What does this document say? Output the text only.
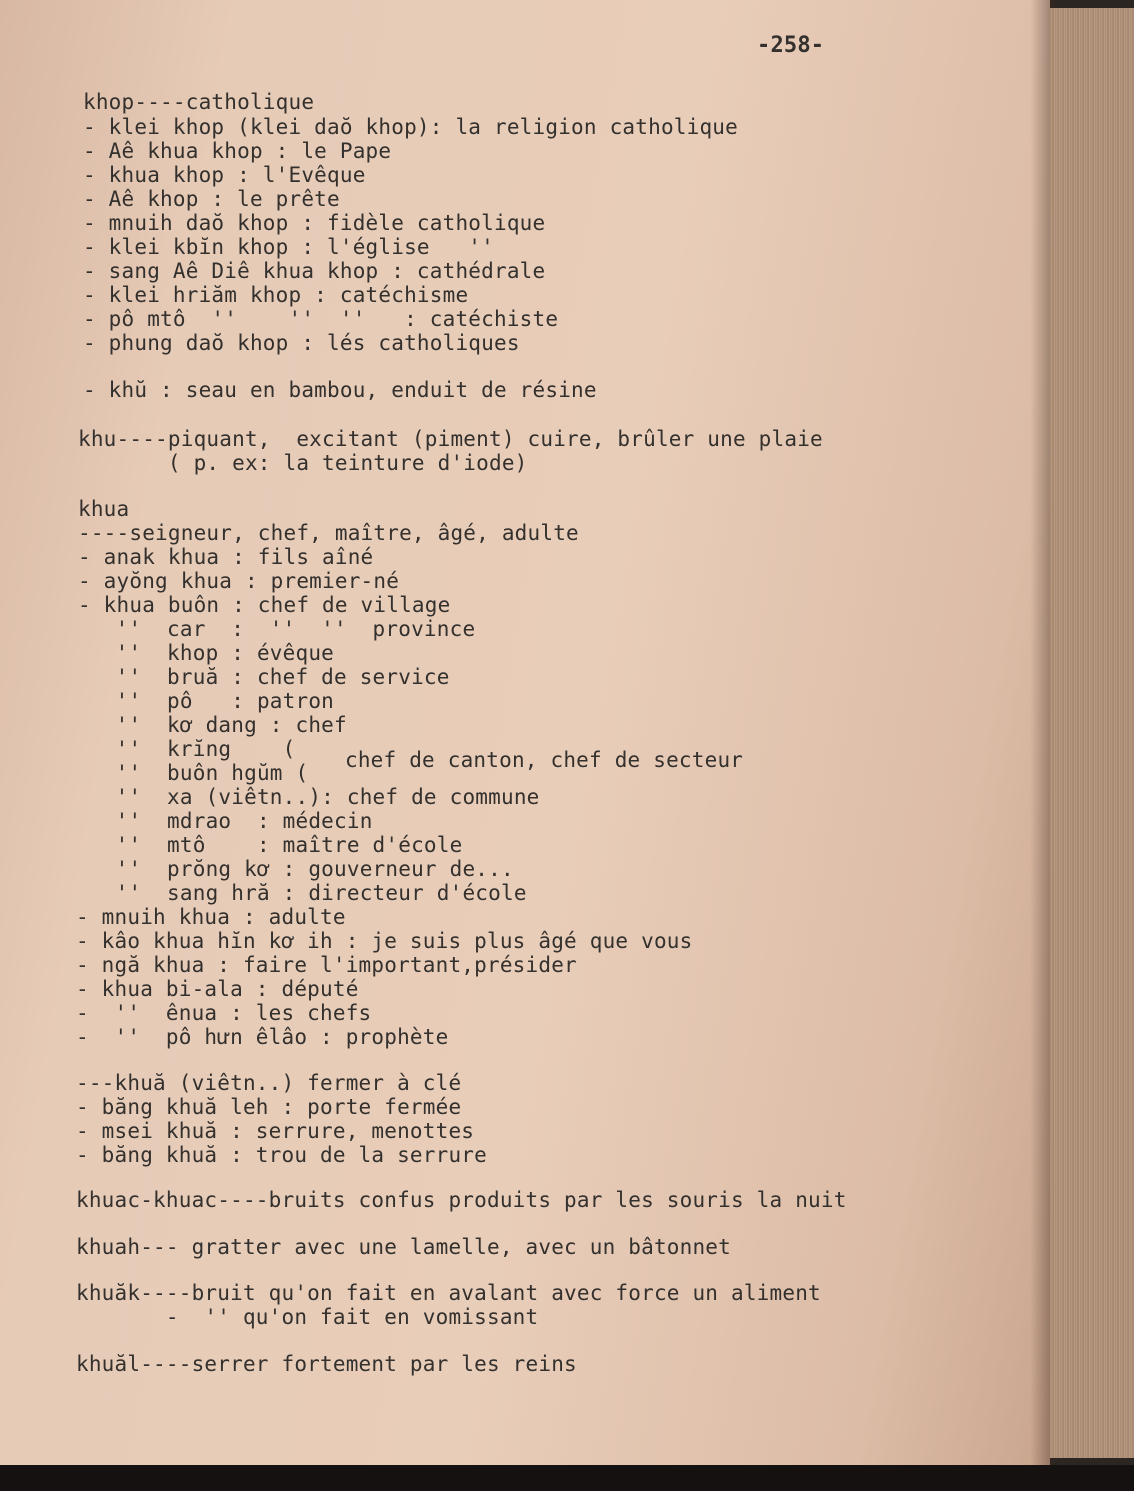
-258-
khop----catholique
- klei khop (klei daŏ khop): la religion catholique
- Aê khua khop : le Pape
- khua khop : l'Evêque
- Aê khop : le prête
- mnuih daŏ khop : fidèle catholique
- klei kbĭn khop : l'église   ''
- sang Aê Diê khua khop : cathédrale
- klei hriăm khop : catéchisme
- pô mtô  ''    ''  ''   : catéchiste
- phung daŏ khop : lés catholiques
- khŭ : seau en bambou, enduit de résine
khu----piquant,  excitant (piment) cuire, brûler une plaie
( p. ex: la teinture d'iode)
khua
----seigneur, chef, maître, âgé, adulte
- anak khua : fils aîné
- ayŏng khua : premier-né
- khua buôn : chef de village
''  car  :  ''  ''  province
''  khop : évêque
''  bruă : chef de service
''  pô   : patron
''  kơ dang : chef
''  krĭng    (
''  buôn hgŭm (
chef de canton, chef de secteur
''  xa (viêtn..): chef de commune
''  mdrao  : médecin
''  mtô    : maître d'école
''  prŏng kơ : gouverneur de...
''  sang hră : directeur d'école
- mnuih khua : adulte
- kâo khua hĭn kơ ih : je suis plus âgé que vous
- ngă khua : faire l'important,présider
- khua bi-ala : député
-  ''  ênua : les chefs
-  ''  pô hưn êlâo : prophète
---khuă (viêtn..) fermer à clé
- băng khuă leh : porte fermée
- msei khuă : serrure, menottes
- băng khuă : trou de la serrure
khuac-khuac----bruits confus produits par les souris la nuit
khuah--- gratter avec une lamelle, avec un bâtonnet
khuăk----bruit qu'on fait en avalant avec force un aliment
-  '' qu'on fait en vomissant
khuăl----serrer fortement par les reins
